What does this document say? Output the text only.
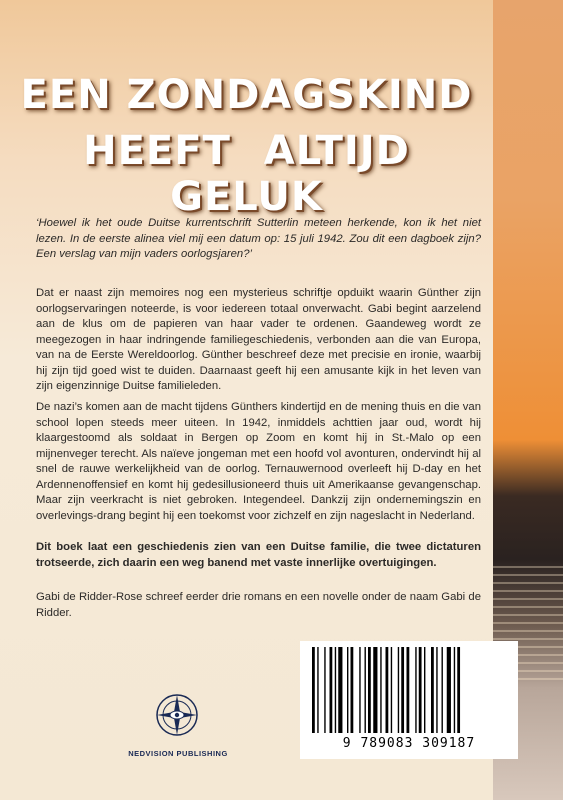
EEN ZONDAGSKIND
HEEFT ALTIJD GELUK
‘Hoewel ik het oude Duitse kurrentschrift Sutterlin meteen herkende, kon ik het niet lezen. In de eerste alinea viel mij een datum op: 15 juli 1942. Zou dit een dagboek zijn? Een verslag van mijn vaders oorlogsjaren?’
Dat er naast zijn memoires nog een mysterieus schriftje opduikt waarin Günther zijn oorlogservaringen noteerde, is voor iedereen totaal onverwacht. Gabi begint aarzelend aan de klus om de papieren van haar vader te ordenen. Gaandeweg wordt ze meegezogen in haar indringende familiegeschiedenis, verbonden aan die van Europa, van na de Eerste Wereldoorlog. Günther beschreef deze met precisie en ironie, waarbij hij zijn tijd goed wist te duiden. Daarnaast geeft hij een amusante kijk in het leven van zijn eigenzinnige Duitse familieleden.
De nazi’s komen aan de macht tijdens Günthers kindertijd en de mening thuis en die van school lopen steeds meer uiteen. In 1942, inmiddels achttien jaar oud, wordt hij klaargestoomd als soldaat in Bergen op Zoom en komt hij in St.-Malo op een mijnenveger terecht. Als naïeve jongeman met een hoofd vol avonturen, ondervindt hij al snel de rauwe werkelijkheid van de oorlog. Ternauwernood overleeft hij D-day en het Ardennenoffensief en komt hij gedesillusioneerd thuis uit Amerikaanse gevangenschap. Maar zijn veerkracht is niet gebroken. Integendeel. Dankzij zijn ondernemingszin en overlevings-drang begint hij een toekomst voor zichzelf en zijn nageslacht in Nederland.
Dit boek laat een geschiedenis zien van een Duitse familie, die twee dictaturen trotseerde, zich daarin een weg banend met vaste innerlijke overtuigingen.
Gabi de Ridder-Rose schreef eerder drie romans en een novelle onder de naam Gabi de Ridder.
NEDVISION PUBLISHING
9 789083 309187
